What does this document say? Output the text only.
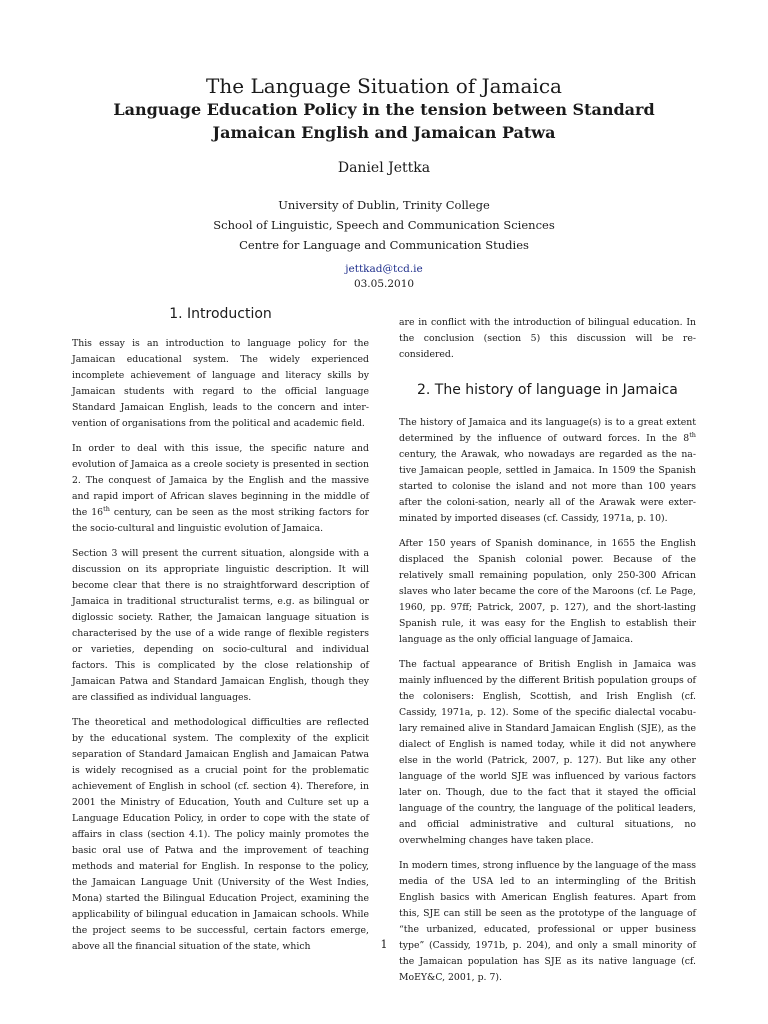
The Language Situation of Jamaica
Language Education Policy in the tension between Standard Jamaican English and Jamaican Patwa
Daniel Jettka
University of Dublin, Trinity College
School of Linguistic, Speech and Communication Sciences
Centre for Language and Communication Studies
jettkad@tcd.ie
03.05.2010
1. Introduction

This essay is an introduction to language policy for the Jamaican educational system. The widely experienced incomplete achievement of language and literacy skills by Jamaican students with regard to the official language Standard Jamaican English, leads to the concern and inter-vention of organisations from the political and academic field.

In order to deal with this issue, the specific nature and evolution of Jamaica as a creole society is presented in section 2. The conquest of Jamaica by the English and the massive and rapid import of African slaves beginning in the middle of the 16th century, can be seen as the most striking factors for the socio-cultural and linguistic evolution of Jamaica.

Section 3 will present the current situation, alongside with a discussion on its appropriate linguistic description. It will become clear that there is no straightforward description of Jamaica in traditional structuralist terms, e.g. as bilingual or diglossic society. Rather, the Jamaican language situation is characterised by the use of a wide range of flexible registers or varieties, depending on socio-cultural and individual factors. This is complicated by the close relationship of Jamaican Patwa and Standard Jamaican English, though they are classified as individual languages.

The theoretical and methodological difficulties are reflected by the educational system. The complexity of the explicit separation of Standard Jamaican English and Jamaican Patwa is widely recognised as a crucial point for the problematic achievement of English in school (cf. section 4). Therefore, in 2001 the Ministry of Education, Youth and Culture set up a Language Education Policy, in order to cope with the state of affairs in class (section 4.1). The policy mainly promotes the basic oral use of Patwa and the improvement of teaching methods and material for English. In response to the policy, the Jamaican Language Unit (University of the West Indies, Mona) started the Bilingual Education Project, examining the applicability of bilingual education in Jamaican schools. While the project seems to be successful, certain factors emerge, above all the financial situation of the state, which

are in conflict with the introduction of bilingual education. In the conclusion (section 5) this discussion will be re-considered.

2. The history of language in Jamaica

The history of Jamaica and its language(s) is to a great extent determined by the influence of outward forces. In the 8th century, the Arawak, who nowadays are regarded as the na-tive Jamaican people, settled in Jamaica. In 1509 the Spanish started to colonise the island and not more than 100 years after the coloni-sation, nearly all of the Arawak were exter-minated by imported diseases (cf. Cassidy, 1971a, p. 10).

After 150 years of Spanish dominance, in 1655 the English displaced the Spanish colonial power. Because of the relatively small remaining population, only 250-300 African slaves who later became the core of the Maroons (cf. Le Page, 1960, pp. 97ff; Patrick, 2007, p. 127), and the short-lasting Spanish rule, it was easy for the English to establish their language as the only official language of Jamaica.

The factual appearance of British English in Jamaica was mainly influenced by the different British population groups of the colonisers: English, Scottish, and Irish English (cf. Cassidy, 1971a, p. 12). Some of the specific dialectal vocabu-lary remained alive in Standard Jamaican English (SJE), as the dialect of English is named today, while it did not anywhere else in the world (Patrick, 2007, p. 127). But like any other language of the world SJE was influenced by various factors later on. Though, due to the fact that it stayed the official language of the country, the language of the political leaders, and official administrative and cultural situations, no overwhelming changes have taken place.

In modern times, strong influence by the language of the mass media of the USA led to an intermingling of the British English basics with American English features. Apart from this, SJE can still be seen as the prototype of the language of “the urbanized, educated, professional or upper business type” (Cassidy, 1971b, p. 204), and only a small minority of the Jamaican population has SJE as its native language (cf. MoEY&C, 2001, p. 7).

1
